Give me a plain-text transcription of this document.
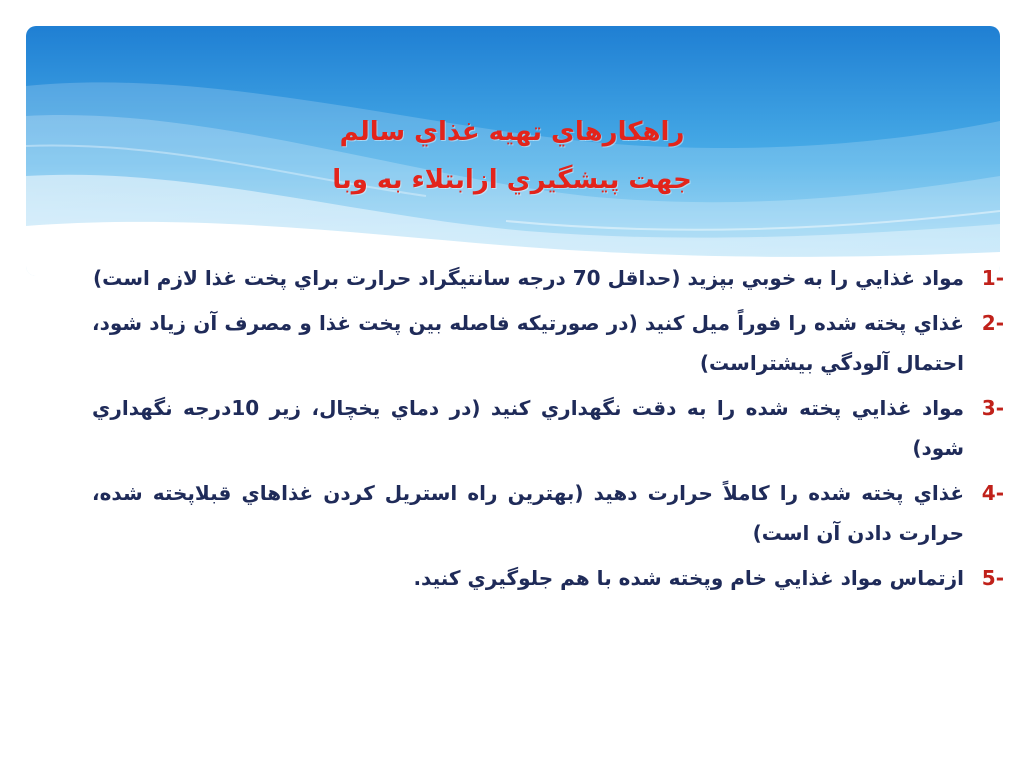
راهكارهاي تهيه غذاي سالم
جهت پيشگيري ازابتلاء به وبا
1-
مواد غذايي را به خوبي بپزيد (حداقل 70 درجه سانتيگراد حرارت براي پخت غذا لازم است)
2-
غذاي پخته شده را فوراً ميل كنيد (در صورتيكه فاصله بين پخت غذا و مصرف آن زياد شود، احتمال آلودگي بيشتراست)
3-
مواد غذايي پخته شده را به دقت نگهداري كنيد (در دماي يخچال، زير 10درجه نگهداري شود)
4-
غذاي پخته شده را كاملاً حرارت دهيد (بهترين راه استريل كردن غذاهاي قبلاپخته شده، حرارت دادن آن است)
5-
ازتماس مواد غذايي خام وپخته شده با هم جلوگيري كنيد.
